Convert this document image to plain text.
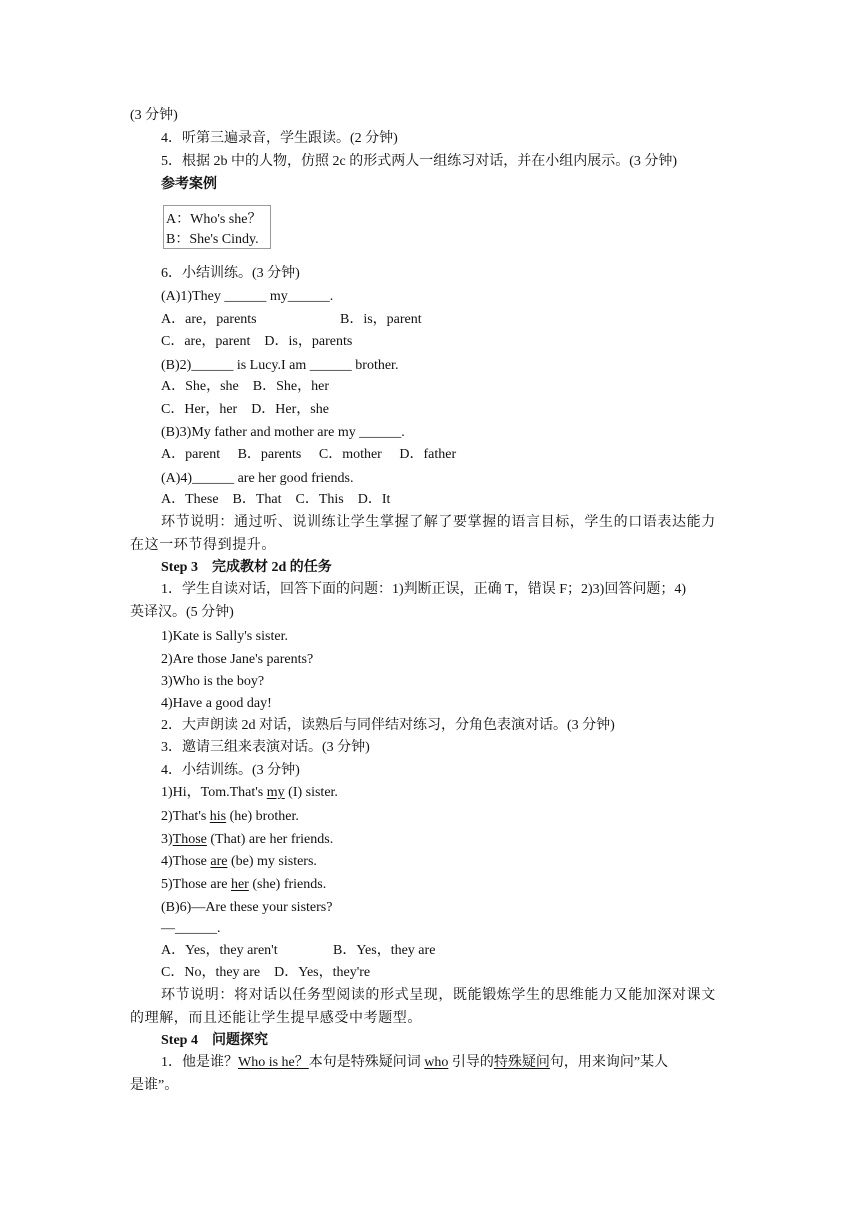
(3 分钟)
4．听第三遍录音，学生跟读。(2 分钟)
5．根据 2b 中的人物，仿照 2c 的形式两人一组练习对话，并在小组内展示。(3 分钟)
参考案例
A：Who's she？
B：She's Cindy.
6．小结训练。(3 分钟)
(A)1)They ______ my______.
A．are，parents	B．is，parent
C．are，parent　D．is，parents
(B)2)______ is Lucy.I am ______ brother.
A．She，she　B．She，her
C．Her，her　D．Her，she
(B)3)My father and mother are my ______.
A．parent　 B．parents　 C．mother　 D．father
(A)4)______ are her good friends.
A．These　B．That　C．This　D．It
环节说明：通过听、说训练让学生掌握了解了要掌握的语言目标，学生的口语表达能力
在这一环节得到提升。
Step 3　完成教材 2d 的任务
1．学生自读对话，回答下面的问题：1)判断正误，正确 T，错误 F；2)3)回答问题；4)
英译汉。(5 分钟)
1)Kate is Sally's sister.
2)Are those Jane's parents?
3)Who is the boy?
4)Have a good day!
2．大声朗读 2d 对话，读熟后与同伴结对练习，分角色表演对话。(3 分钟)
3．邀请三组来表演对话。(3 分钟)
4．小结训练。(3 分钟)
1)Hi，Tom.That's my (I) sister.
2)That's his (he) brother.
3)Those (That) are her friends.
4)Those are (be) my sisters.
5)Those are her (she) friends.
(B)6)—Are these your sisters?
—______.
A．Yes，they aren't	B．Yes，they are
C．No，they are　D．Yes，they're
环节说明：将对话以任务型阅读的形式呈现，既能锻炼学生的思维能力又能加深对课文
的理解，而且还能让学生提早感受中考题型。
Step 4　问题探究
1．他是谁？Who is he？本句是特殊疑问词 who 引导的特殊疑问句，用来询问”某人
是谁”。
